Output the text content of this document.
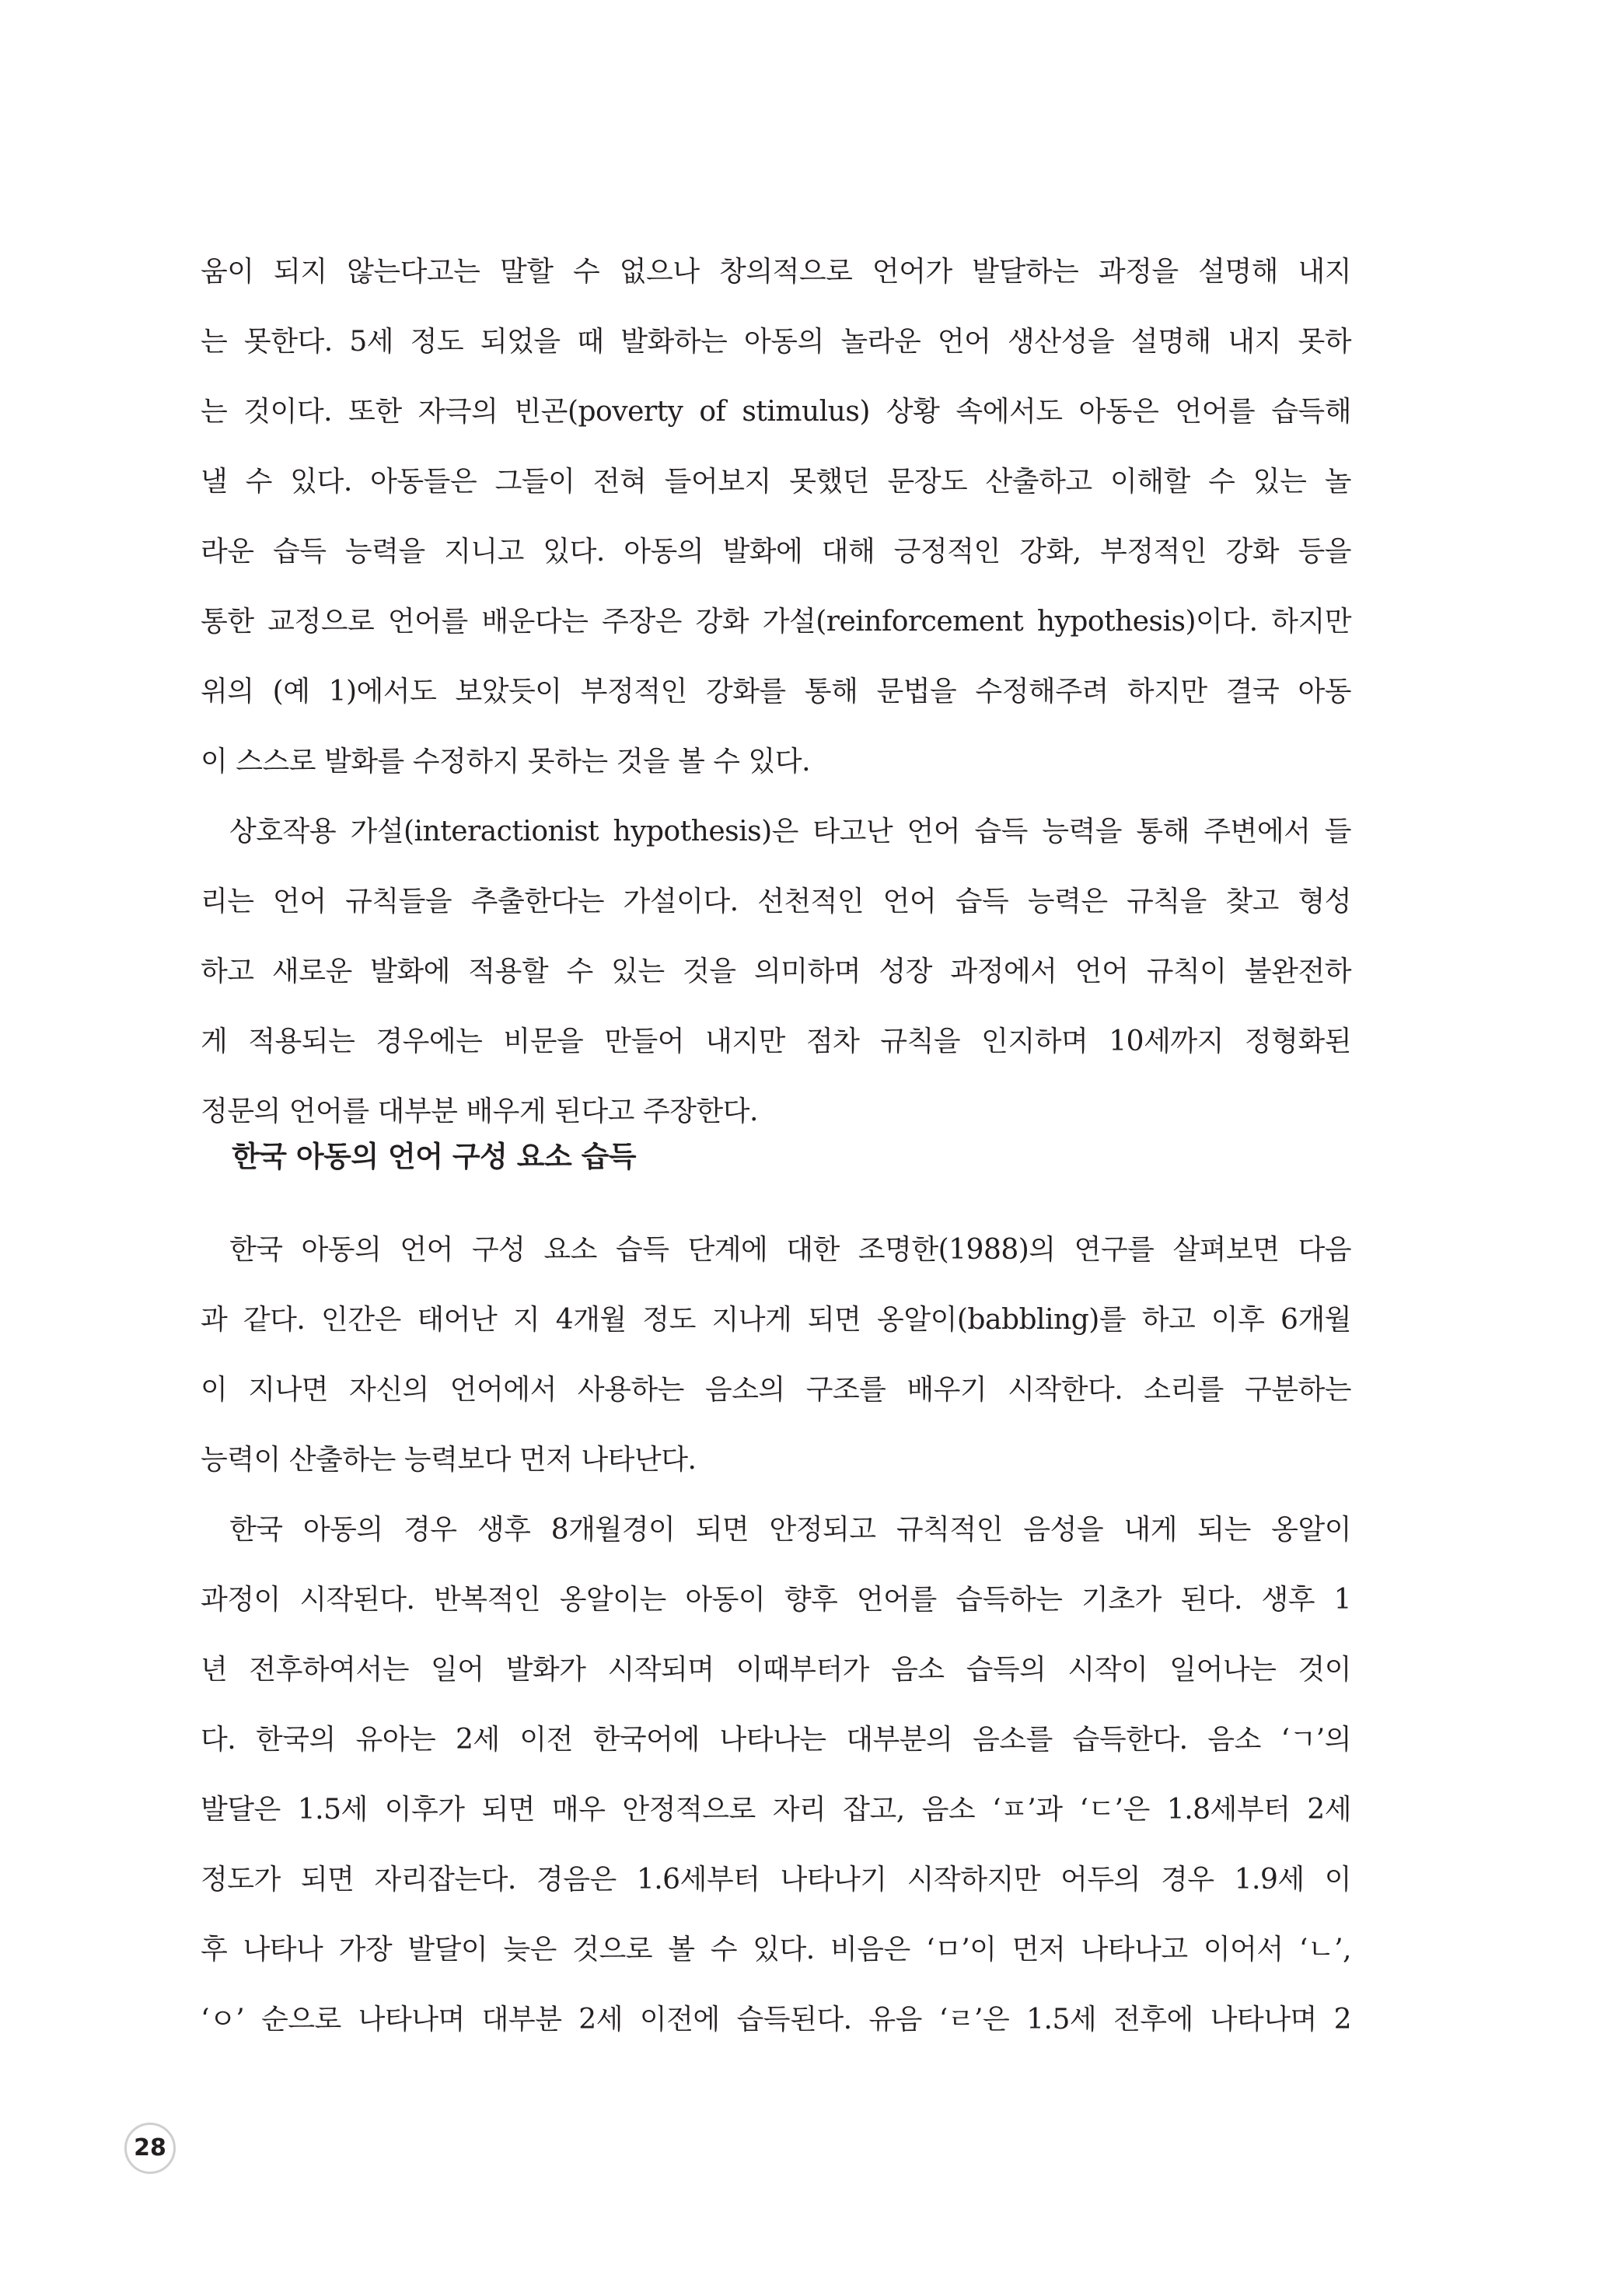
움이 되지 않는다고는 말할 수 없으나 창의적으로 언어가 발달하는 과정을 설명해 내지
는 못한다. 5세 정도 되었을 때 발화하는 아동의 놀라운 언어 생산성을 설명해 내지 못하
는 것이다. 또한 자극의 빈곤(poverty of stimulus) 상황 속에서도 아동은 언어를 습득해
낼 수 있다. 아동들은 그들이 전혀 들어보지 못했던 문장도 산출하고 이해할 수 있는 놀
라운 습득 능력을 지니고 있다. 아동의 발화에 대해 긍정적인 강화, 부정적인 강화 등을
통한 교정으로 언어를 배운다는 주장은 강화 가설(reinforcement hypothesis)이다. 하지만
위의 (예 1)에서도 보았듯이 부정적인 강화를 통해 문법을 수정해주려 하지만 결국 아동
이 스스로 발화를 수정하지 못하는 것을 볼 수 있다.
상호작용 가설(interactionist hypothesis)은 타고난 언어 습득 능력을 통해 주변에서 들
리는 언어 규칙들을 추출한다는 가설이다. 선천적인 언어 습득 능력은 규칙을 찾고 형성
하고 새로운 발화에 적용할 수 있는 것을 의미하며 성장 과정에서 언어 규칙이 불완전하
게 적용되는 경우에는 비문을 만들어 내지만 점차 규칙을 인지하며 10세까지 정형화된
정문의 언어를 대부분 배우게 된다고 주장한다.
한국 아동의 언어 구성 요소 습득
한국 아동의 언어 구성 요소 습득 단계에 대한 조명한(1988)의 연구를 살펴보면 다음
과 같다. 인간은 태어난 지 4개월 정도 지나게 되면 옹알이(babbling)를 하고 이후 6개월
이 지나면 자신의 언어에서 사용하는 음소의 구조를 배우기 시작한다. 소리를 구분하는
능력이 산출하는 능력보다 먼저 나타난다.
한국 아동의 경우 생후 8개월경이 되면 안정되고 규칙적인 음성을 내게 되는 옹알이
과정이 시작된다. 반복적인 옹알이는 아동이 향후 언어를 습득하는 기초가 된다. 생후 1
년 전후하여서는 일어 발화가 시작되며 이때부터가 음소 습득의 시작이 일어나는 것이
다. 한국의 유아는 2세 이전 한국어에 나타나는 대부분의 음소를 습득한다. 음소 ‘ㄱ’의
발달은 1.5세 이후가 되면 매우 안정적으로 자리 잡고, 음소 ‘ㅍ’과 ‘ㄷ’은 1.8세부터 2세
정도가 되면 자리잡는다. 경음은 1.6세부터 나타나기 시작하지만 어두의 경우 1.9세 이
후 나타나 가장 발달이 늦은 것으로 볼 수 있다. 비음은 ‘ㅁ’이 먼저 나타나고 이어서 ‘ㄴ’,
‘ㅇ’ 순으로 나타나며 대부분 2세 이전에 습득된다. 유음 ‘ㄹ’은 1.5세 전후에 나타나며 2
28
